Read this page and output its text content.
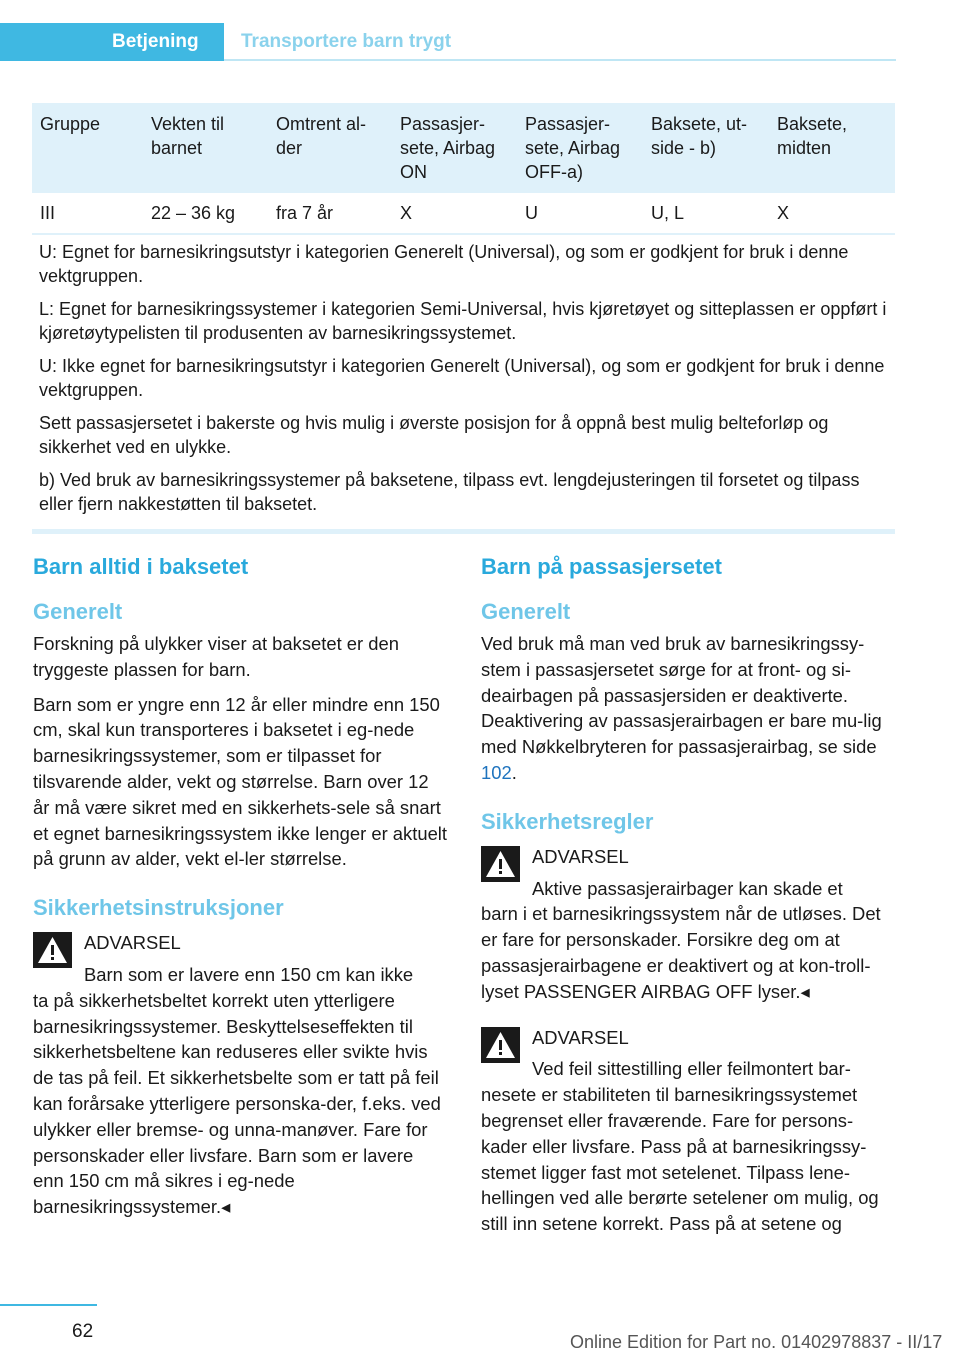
Betjening Transportere barn trygt
Gruppe	Vekten til barnet	Omtrent al-der	Passasjer-sete, Airbag ON	Passasjer-sete, Airbag OFF-a)	Baksete, ut-side - b)	Baksete, midten
III	22 – 36 kg	fra 7 år	X	U	U, L	X

U: Egnet for barnesikringsutstyr i kategorien Generelt (Universal), og som er godkjent for bruk i denne vektgruppen.

L: Egnet for barnesikringssystemer i kategorien Semi-Universal, hvis kjøretøyet og sitteplassen er oppført i kjøretøytypelisten til produsenten av barnesikringssystemet.

U: Ikke egnet for barnesikringsutstyr i kategorien Generelt (Universal), og som er godkjent for bruk i denne vektgruppen.

Sett passasjersetet i bakerste og hvis mulig i øverste posisjon for å oppnå best mulig belteforløp og sikkerhet ved en ulykke.

b) Ved bruk av barnesikringssystemer på baksetene, tilpass evt. lengdejusteringen til forsetet og tilpass eller fjern nakkestøtten til baksetet.

Barn alltid i baksetet
Generelt

Forskning på ulykker viser at baksetet er den tryggeste plassen for barn.

Barn som er yngre enn 12 år eller mindre enn 150 cm, skal kun transporteres i baksetet i eg-nede barnesikringssystemer, som er tilpasset for tilsvarende alder, vekt og størrelse. Barn over 12 år må være sikret med en sikkerhets-sele så snart et egnet barnesikringssystem ikke lenger er aktuelt på grunn av alder, vekt el-ler størrelse.

Sikkerhetsinstruksjoner
ADVARSEL
Barn som er lavere enn 150 cm kan ikke
ta på sikkerhetsbeltet korrekt uten ytterligere barnesikringssystemer. Beskyttelseseffekten til sikkerhetsbeltene kan reduseres eller svikte hvis de tas på feil. Et sikkerhetsbelte som er tatt på feil kan forårsake ytterligere personska-der, f.eks. ved ulykker eller bremse- og unna-manøver. Fare for personskader eller livsfare. Barn som er lavere enn 150 cm må sikres i eg-nede barnesikringssystemer.◂
Barn på passasjersetet
Generelt

Ved bruk må man ved bruk av barnesikringssy-stem i passasjersetet sørge for at front- og si-deairbagen på passasjersiden er deaktiverte. Deaktivering av passasjerairbagen er bare mu-lig med Nøkkelbryteren for passasjerairbag, se side 102.

Sikkerhetsregler
ADVARSEL
Aktive passasjerairbager kan skade et
barn i et barnesikringssystem når de utløses. Det er fare for personskader. Forsikre deg om at passasjerairbagene er deaktivert og at kon-troll-lyset PASSENGER AIRBAG OFF lyser.◂
ADVARSEL
Ved feil sittestilling eller feilmontert bar-
nesete er stabiliteten til barnesikringssystemet begrenset eller fraværende. Fare for persons-kader eller livsfare. Pass på at barnesikringssy-stemet ligger fast mot setelenet. Tilpass lene-hellingen ved alle berørte setelener om mulig, og still inn setene korrekt. Pass på at setene og
62	Online Edition for Part no. 01402978837 - II/17
